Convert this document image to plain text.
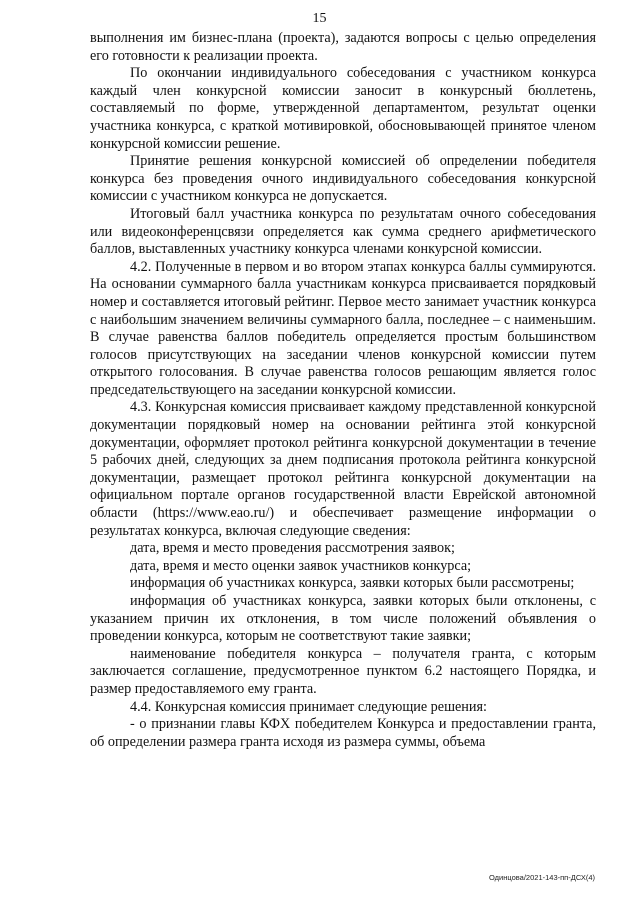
15

выполнения им бизнес-плана (проекта), задаются вопросы с целью определения его готовности к реализации проекта.

По окончании индивидуального собеседования с участником конкурса каждый член конкурсной комиссии заносит в конкурсный бюллетень, составляемый по форме, утвержденной департаментом, результат оценки участника конкурса, с краткой мотивировкой, обосновывающей принятое членом конкурсной комиссии решение.

Принятие решения конкурсной комиссией об определении победителя конкурса без проведения очного индивидуального собеседования конкурсной комиссии с участником конкурса не допускается.

Итоговый балл участника конкурса по результатам очного собеседования или видеоконференцсвязи определяется как сумма среднего арифметического баллов, выставленных участнику конкурса членами конкурсной комиссии.

4.2. Полученные в первом и во втором этапах конкурса баллы суммируются. На основании суммарного балла участникам конкурса присваивается порядковый номер и составляется итоговый рейтинг. Первое место занимает участник конкурса с наибольшим значением величины суммарного балла, последнее – с наименьшим. В случае равенства баллов победитель определяется простым большинством голосов присутствующих на заседании членов конкурсной комиссии путем открытого голосования. В случае равенства голосов решающим является голос председательствующего на заседании конкурсной комиссии.

4.3. Конкурсная комиссия присваивает каждому представленной конкурсной документации порядковый номер на основании рейтинга этой конкурсной документации, оформляет протокол рейтинга конкурсной документации в течение 5 рабочих дней, следующих за днем подписания протокола рейтинга конкурсной документации, размещает протокол рейтинга конкурсной документации на официальном портале органов государственной власти Еврейской автономной области (https://www.eao.ru/) и обеспечивает размещение информации о результатах конкурса, включая следующие сведения:

дата, время и место проведения рассмотрения заявок;

дата, время и место оценки заявок участников конкурса;

информация об участниках конкурса, заявки которых были рассмотрены;

информация об участниках конкурса, заявки которых были отклонены, с указанием причин их отклонения, в том числе положений объявления о проведении конкурса, которым не соответствуют такие заявки;

наименование победителя конкурса – получателя гранта, с которым заключается соглашение, предусмотренное пунктом 6.2 настоящего Порядка, и размер предоставляемого ему гранта.

4.4. Конкурсная комиссия принимает следующие решения:

- о признании главы КФХ победителем Конкурса и предоставлении гранта, об определении размера гранта исходя из размера суммы, объема

Одинцова/2021-143-пп-ДСХ(4)
